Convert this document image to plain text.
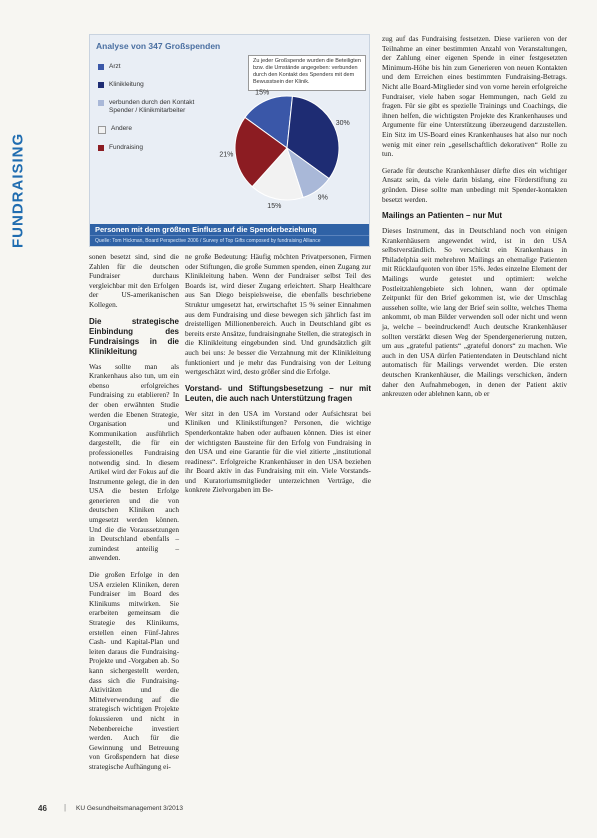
FUNDRAISING
Analyse von 347 Großspenden
Arzt
Klinikleitung
verbunden durch den Kontakt Spender / Klinikmitarbeiter
Andere
Fundraising
Zu jeder Großspende wurden die Beteiligten bzw. die Umstände angegeben: verbunden durch den Kontakt des Spenders mit dem Bewusstsein der Klinik.
15%
30%
9%
15%
21%
Personen mit dem größten Einfluss auf die Spenderbeziehung
Quelle: Tom Hickman, Board Perspective 2006 / Survey of Top Gifts composed by fundraising Alliance

sonen besetzt sind, sind die Zahlen für die deutschen Fundraiser durchaus vergleichbar mit den Erfolgen der US-amerikanischen Kollegen.

Die strategische Einbindung des Fundraisings in die Klinikleitung

Was sollte man als Krankenhaus also tun, um ein ebenso erfolgreiches Fundraising zu etablieren? In der oben erwähnten Studie werden die Ebenen Strategie, Organisation und Kommunikation ausführlich dargestellt, die für ein professionelles Fundraising notwendig sind. In diesem Artikel wird der Fokus auf die Instrumente gelegt, die in den USA die besten Erfolge generieren und die von deutschen Kliniken auch umgesetzt werden können. Und die die Voraussetzungen in Deutschland ebenfalls – zumindest anteilig – anwenden.

Die großen Erfolge in den USA erzielen Kliniken, deren Fundraiser im Board des Klinikums mitwirken. Sie erarbeiten gemeinsam die Strategie des Klinikums, erstellen einen Fünf-Jahres Cash- und Kapital-Plan und leiten daraus die Fundraising-Projekte und -Vorgaben ab. So kann sichergestellt werden, dass sich die Fundraising-Aktivitäten und die Mittelverwendung auf die strategisch wichtigen Projekte fokussieren und nicht in Nebenbereiche investiert werden. Auch für die Gewinnung und Betreuung von Großspendern hat diese strategische Aufhängung ei-

ne große Bedeutung: Häufig möchten Privatpersonen, Firmen oder Stiftungen, die große Summen spenden, einen Zugang zur Klinikleitung haben. Wenn der Fundraiser selbst Teil des Boards ist, wird dieser Zugang erleichtert. Sharp Healthcare aus San Diego beispielsweise, die ebenfalls beschriebene Struktur umgesetzt hat, erwirtschaftet 15 % seiner Einnahmen aus dem Fundraising und diese bewegen sich jährlich fast im dreistelligen Millionenbereich. Auch in Deutschland gibt es bereits erste Ansätze, fundraisingnahe Stellen, die strategisch in die Klinikleitung eingebunden sind. Und grundsätzlich gilt auch bei uns: Je besser die Verzahnung mit der Klinikleitung funktioniert und je mehr das Fundraising von der Leitung wertgeschätzt wird, desto größer sind die Erfolge.

Vorstand- und Stiftungsbesetzung – nur mit Leuten, die auch nach Unterstützung fragen

Wer sitzt in den USA im Vorstand oder Aufsichtsrat bei Kliniken und Klinikstiftungen? Personen, die wichtige Spenderkontakte haben oder aufbauen können. Dies ist einer der wichtigsten Bausteine für den Erfolg von Fundraising in den USA und eine Garantie für die viel zitierte „institutional readiness“. Erfolgreiche Krankenhäuser in den USA beziehen ihr Board aktiv in das Fundraising mit ein. Viele Vorstands- und Kuratoriumsmitglieder unterzeichnen Verträge, die konkrete Zielvorgaben im Be-

zug auf das Fundraising festsetzen. Diese variieren von der Teilnahme an einer bestimmten Anzahl von Veranstaltungen, der Zahlung einer eigenen Spende in einer festgesetzten Minimum-Höhe bis hin zum Generieren von neuen Kontakten und dem Erreichen eines bestimmten Fundraising-Betrags. Nicht alle Board-Mitglieder sind von vorne herein erfolgreiche Fundraiser, viele haben sogar Hemmungen, nach Geld zu fragen. Für sie gibt es spezielle Trainings und Coachings, die ihnen helfen, die wichtigsten Projekte des Krankenhauses und Argumente für eine Unterstützung überzeugend darzustellen. Ein Sitz im US-Board eines Krankenhauses hat also nur noch wenig mit einer rein „gesellschaftlich dekorativen“ Rolle zu tun.

Gerade für deutsche Krankenhäuser dürfte dies ein wichtiger Ansatz sein, da viele darin bislang, eine Förderstiftung zu gründen. Diese sollte man unbedingt mit Spender-kontakten besetzt werden.

Mailings an Patienten – nur Mut

Dieses Instrument, das in Deutschland noch von einigen Krankenhäusern angewendet wird, ist in den USA selbstverständlich. So verschickt ein Krankenhaus in Philadelphia seit mehrehren Mailings an ehemalige Patienten mit Rücklaufquoten von über 15%. Jedes einzelne Element der Mailings wurde getestet und optimiert: welche Postleitzahlengebiete sich lohnen, wann der optimale Zeitpunkt für den Brief gekommen ist, wie der Umschlag aussehen sollte, wie lang der Brief sein sollte, welches Thema ankommt, ob man Bilder verwenden soll oder nicht und wenn ja, welche – beeindruckend! Auch deutsche Krankenhäuser sollten verstärkt diesen Weg der Spendergenerierung nutzen, um aus „grateful patients“ „grateful donors“ zu machen. Wie auch in den USA dürfen Patientendaten in Deutschland nicht automatisch für Mailings verwendet werden. Die ersten deutschen Krankenhäuser, die Mailings verschicken, ändern daher den Aufnahmebogen, in denen der Patient aktiv ankreuzen oder ablehnen kann, ob er

46 | KU Gesundheitsmanagement 3/2013
